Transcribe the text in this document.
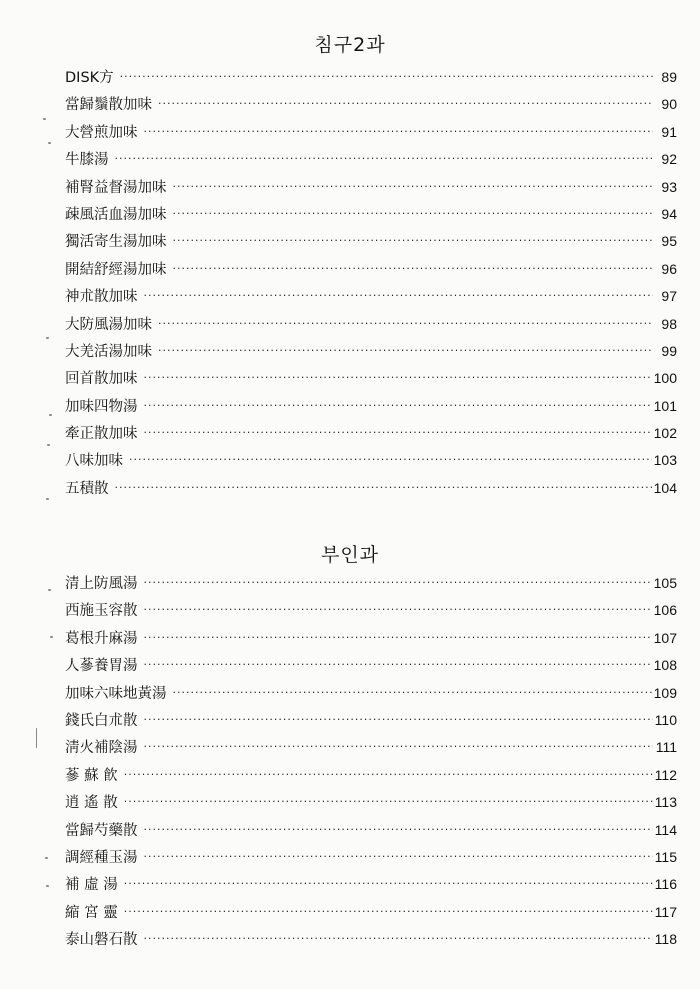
침구2과
DISK方 ·····	89
當歸鬚散加味 ·····	90
大營煎加味 ·····	91
牛膝湯 ·····	92
補腎益督湯加味 ·····	93
疎風活血湯加味 ·····	94
獨活寄生湯加味 ·····	95
開結舒經湯加味 ·····	96
神朮散加味 ·····	97
大防風湯加味 ·····	98
大羌活湯加味 ·····	99
回首散加味 ·····	100
加味四物湯 ·····	101
牽正散加味 ·····	102
八味加味 ·····	103
五積散 ·····	104
부인과
清上防風湯 ·····	105
西施玉容散 ·····	106
葛根升麻湯 ·····	107
人蔘養胃湯 ·····	108
加味六味地黃湯 ·····	109
錢氏白朮散 ·····	110
淸火補陰湯 ·····	111
蔘 蘇 飮 ·····	112
逍 遙 散 ·····	113
當歸芍藥散 ·····	114
調經種玉湯 ·····	115
補 虛 湯 ·····	116
縮 宮 靈 ·····	117
泰山磐石散 ·····	118
